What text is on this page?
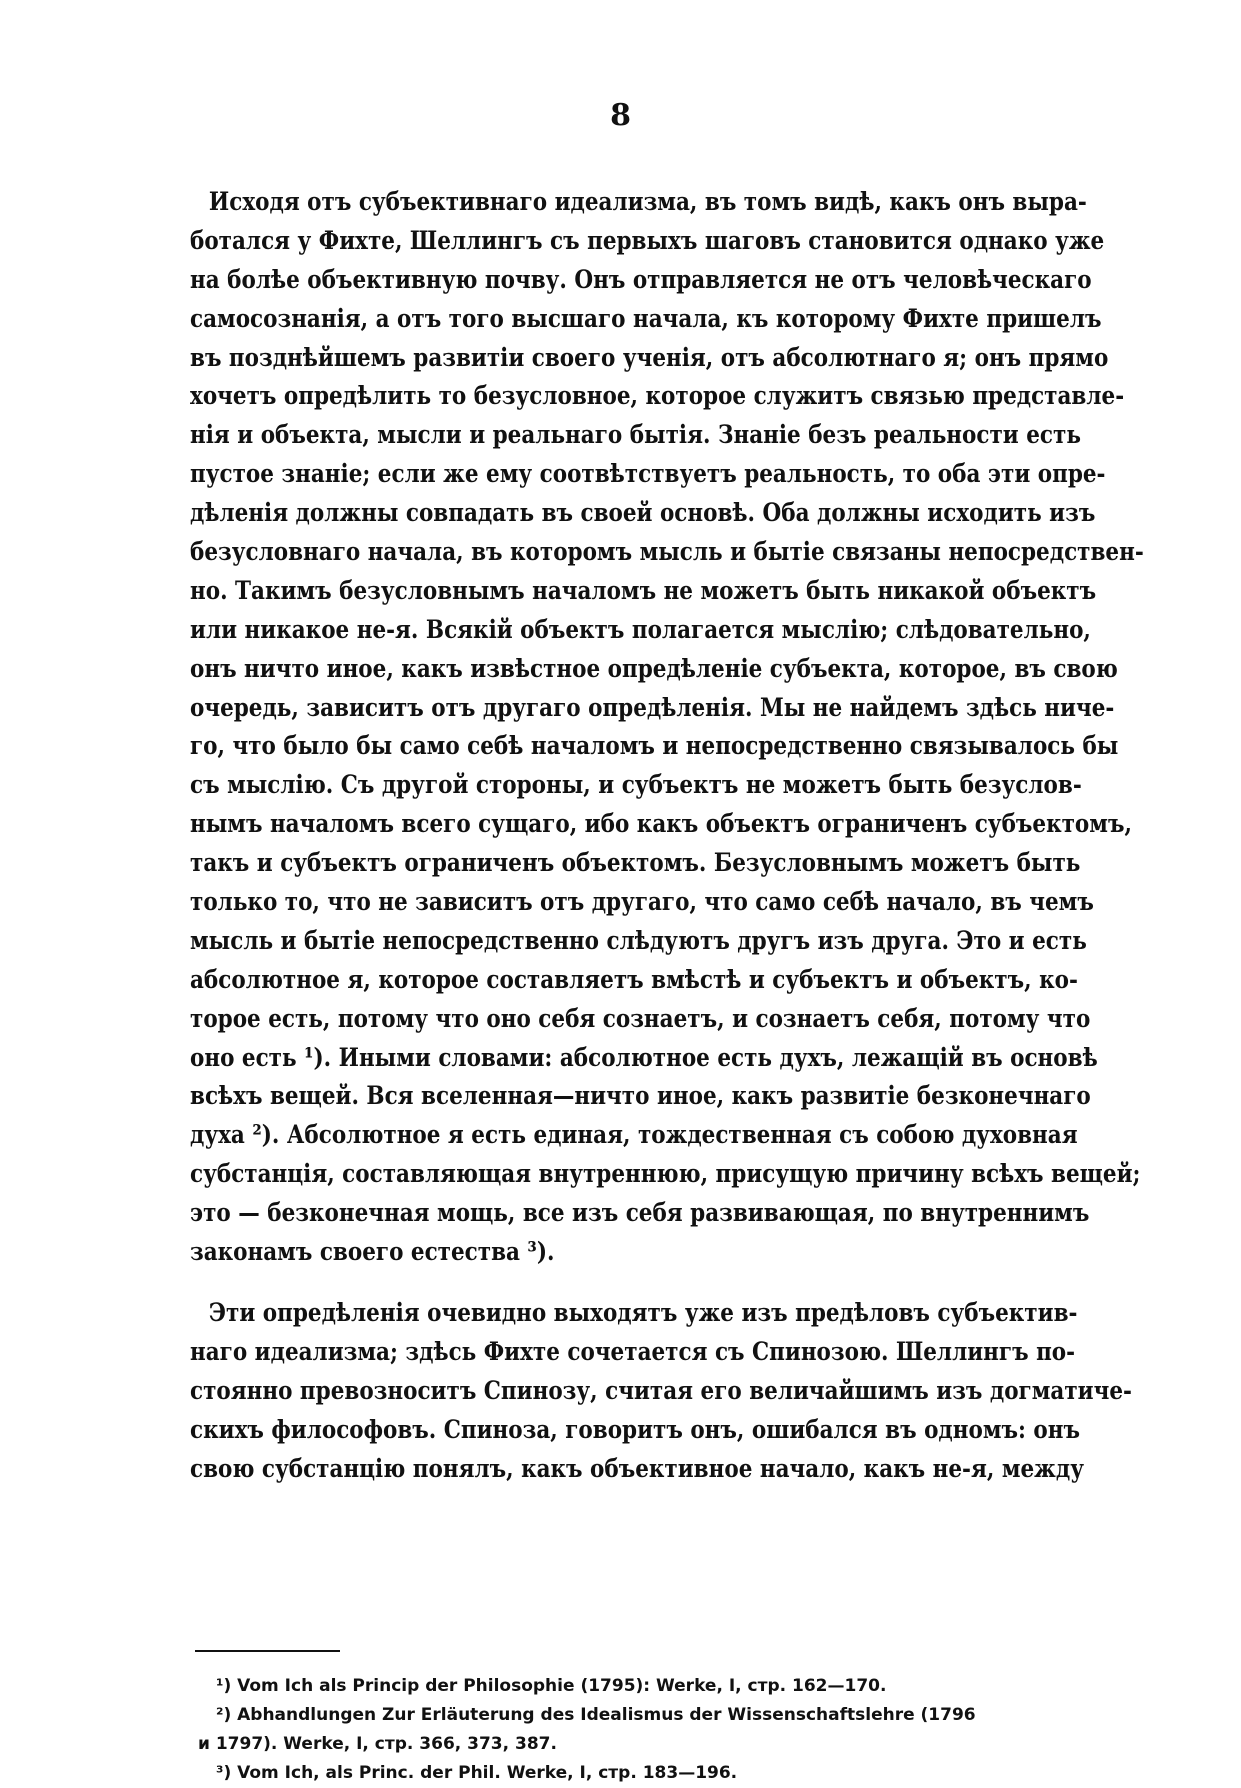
8
Исходя отъ субъективнаго идеализма, въ томъ видѣ, какъ онъ выра-
ботался у Фихте, Шеллингъ съ первыхъ шаговъ становится однако уже
на болѣе объективную почву. Онъ отправляется не отъ человѣческаго
самосознанія, а отъ того высшаго начала, къ которому Фихте пришелъ
въ позднѣйшемъ развитіи своего ученія, отъ абсолютнаго я; онъ прямо
хочетъ опредѣлить то безусловное, которое служитъ связью представле-
нія и объекта, мысли и реальнаго бытія. Знаніе безъ реальности есть
пустое знаніе; если же ему соотвѣтствуетъ реальность, то оба эти опре-
дѣленія должны совпадать въ своей основѣ. Оба должны исходить изъ
безусловнаго начала, въ которомъ мысль и бытіе связаны непосредствен-
но. Такимъ безусловнымъ началомъ не можетъ быть никакой объектъ
или никакое не-я. Всякій объектъ полагается мыслію; слѣдовательно,
онъ ничто иное, какъ извѣстное опредѣленіе субъекта, которое, въ свою
очередь, зависитъ отъ другаго опредѣленія. Мы не найдемъ здѣсь ниче-
го, что было бы само себѣ началомъ и непосредственно связывалось бы
съ мыслію. Съ другой стороны, и субъектъ не можетъ быть безуслов-
нымъ началомъ всего сущаго, ибо какъ объектъ ограниченъ субъектомъ,
такъ и субъектъ ограниченъ объектомъ. Безусловнымъ можетъ быть
только то, что не зависитъ отъ другаго, что само себѣ начало, въ чемъ
мысль и бытіе непосредственно слѣдуютъ другъ изъ друга. Это и есть
абсолютное я, которое составляетъ вмѣстѣ и субъектъ и объектъ, ко-
торое есть, потому что оно себя сознаетъ, и сознаетъ себя, потому что
оно есть ¹). Иными словами: абсолютное есть духъ, лежащій въ основѣ
всѣхъ вещей. Вся вселенная—ничто иное, какъ развитіе безконечнаго
духа ²). Абсолютное я есть единая, тождественная съ собою духовная
субстанція, составляющая внутреннюю, присущую причину всѣхъ вещей;
это — безконечная мощь, все изъ себя развивающая, по внутреннимъ
законамъ своего естества ³).
Эти опредѣленія очевидно выходятъ уже изъ предѣловъ субъектив-
наго идеализма; здѣсь Фихте сочетается съ Спинозою. Шеллингъ по-
стоянно превозноситъ Спинозу, считая его величайшимъ изъ догматиче-
скихъ философовъ. Спиноза, говоритъ онъ, ошибался въ одномъ: онъ
свою субстанцію понялъ, какъ объективное начало, какъ не-я, между
¹) Vom Ich als Princip der Philosophie (1795): Werke, I, стр. 162—170.
²) Abhandlungen Zur Erläuterung des Idealismus der Wissenschaftslehre (1796
и 1797). Werke, I, стр. 366, 373, 387.
³) Vom Ich, als Princ. der Phil. Werke, I, стр. 183—196.
